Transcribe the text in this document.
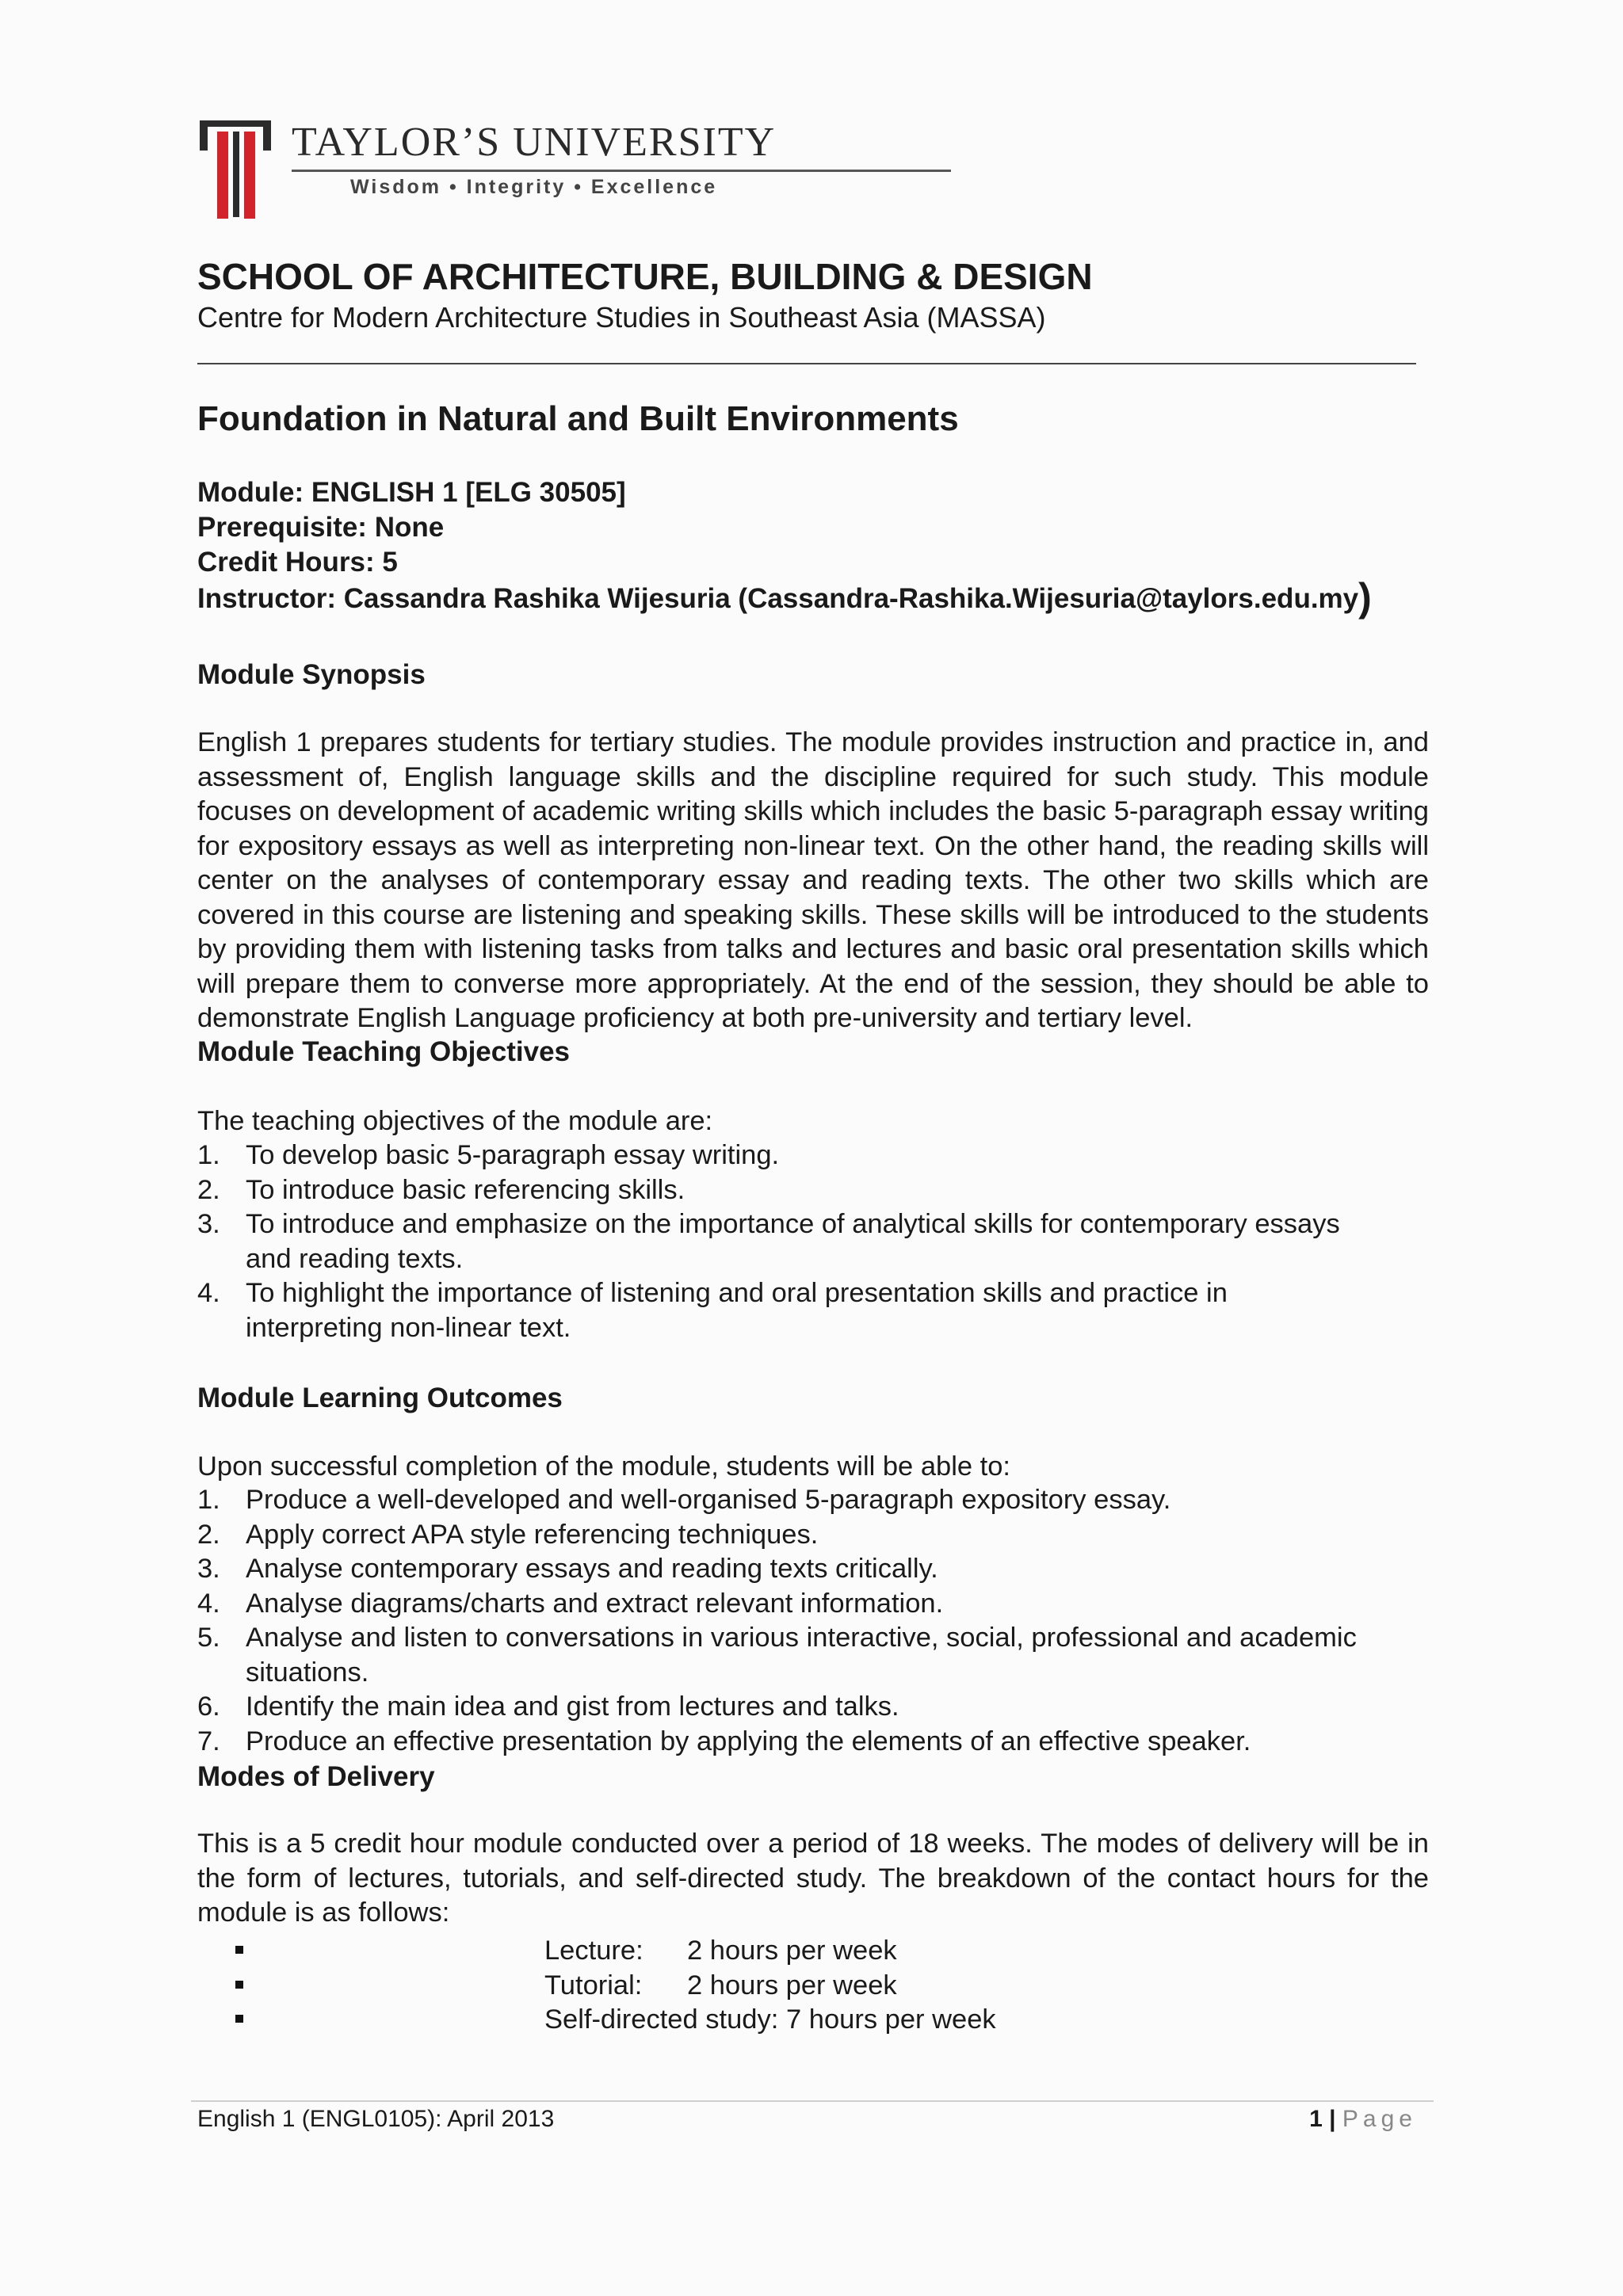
TAYLOR’S UNIVERSITY
Wisdom • Integrity • Excellence
SCHOOL OF ARCHITECTURE, BUILDING & DESIGN
Centre for Modern Architecture Studies in Southeast Asia (MASSA)
Foundation in Natural and Built Environments
Module: ENGLISH 1 [ELG 30505]
Prerequisite: None
Credit Hours: 5
Instructor: Cassandra Rashika Wijesuria (Cassandra-Rashika.Wijesuria@taylors.edu.my)
Module Synopsis
English 1 prepares students for tertiary studies. The module provides instruction and practice in, and assessment of, English language skills and the discipline required for such study. This module focuses on development of academic writing skills which includes the basic 5-paragraph essay writing for expository essays as well as interpreting non-linear text. On the other hand, the reading skills will center on the analyses of contemporary essay and reading texts. The other two skills which are covered in this course are listening and speaking skills. These skills will be introduced to the students by providing them with listening tasks from talks and lectures and basic oral presentation skills which will prepare them to converse more appropriately. At the end of the session, they should be able to demonstrate English Language proficiency at both pre-university and tertiary level.
Module Teaching Objectives
The teaching objectives of the module are:
1. To develop basic 5-paragraph essay writing.
2. To introduce basic referencing skills.
3. To introduce and emphasize on the importance of analytical skills for contemporary essays and reading texts.
4. To highlight the importance of listening and oral presentation skills and practice in interpreting non-linear text.
Module Learning Outcomes
Upon successful completion of the module, students will be able to:
1. Produce a well-developed and well-organised 5-paragraph expository essay.
2. Apply correct APA style referencing techniques.
3. Analyse contemporary essays and reading texts critically.
4. Analyse diagrams/charts and extract relevant information.
5. Analyse and listen to conversations in various interactive, social, professional and academic situations.
6. Identify the main idea and gist from lectures and talks.
7. Produce an effective presentation by applying the elements of an effective speaker.
Modes of Delivery
This is a 5 credit hour module conducted over a period of 18 weeks. The modes of delivery will be in the form of lectures, tutorials, and self-directed study. The breakdown of the contact hours for the module is as follows:
Lecture: 2 hours per week
Tutorial: 2 hours per week
Self-directed study: 7 hours per week
English 1 (ENGL0105): April 2013	1 | Page
